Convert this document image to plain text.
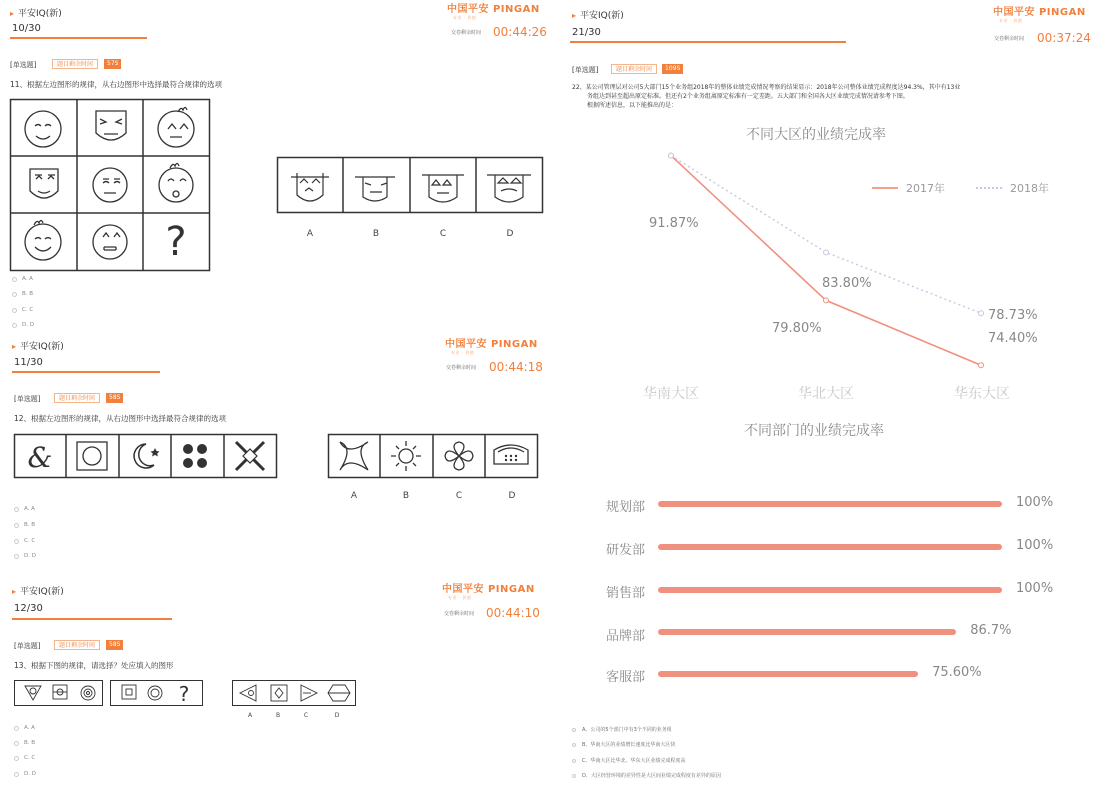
▸ 平安IQ(新)	中国平安 PINGAN
专业 · 价值
10/30	交卷剩余时间 00:44:26
[单选题]	题目剩余时间	57S
11、根据左边图形的规律，从右边图形中选择最符合规律的选项
?	A	B	C	D
A. A
B. B
C. C
D. D
▸ 平安IQ(新)	中国平安 PINGAN
专业 · 价值
11/30	交卷剩余时间 00:44:18
[单选题]	题目剩余时间	58S
12、根据左边图形的规律，从右边图形中选择最符合规律的选项
&
A	B	C	D
A. A
B. B
C. C
D. D
▸ 平安IQ(新)	中国平安 PINGAN
专业 · 价值
12/30	交卷剩余时间 00:44:10
[单选题]	题目剩余时间	58S
13、根据下图的规律，请选择？处应填入的图形
?
A	B	C	D
A. A
B. B
C. C
D. D
▸ 平安IQ(新)	中国平安 PINGAN
专业 · 价值
21/30
交卷剩余时间 00:37:24
[单选题]	题目剩余时间	109S
22、某公司管理层对公司5大部门15个业务组2018年的整体业绩完成情况考察的结果显示：2018年公司整体业绩完成程度达94.3%，其中有13业
务组达到甚至超出原定标准。但还有2个业务组离原定标准有一定差距。五大部门和全国各大区业绩完成情况请参考下图。
根据所述信息，以下能推出的是：
不同大区的业绩完成率
2017年	2018年
华南大区	华北大区	华东大区
91.87%
79.80%
74.40%
83.80%
78.73%
不同部门的业绩完成率
规划部
研发部
销售部
品牌部
客服部
100%
100%
100%
86.7%
75.60%
A、公司的5个部门中有3个不同的业务组
B、华南大区的业绩增长速度比华南大区快
C、华南大区比华北、华东大区业绩完成程度高
D、大区经营环境的差异性是大区间业绩完成程度有差异的原因
